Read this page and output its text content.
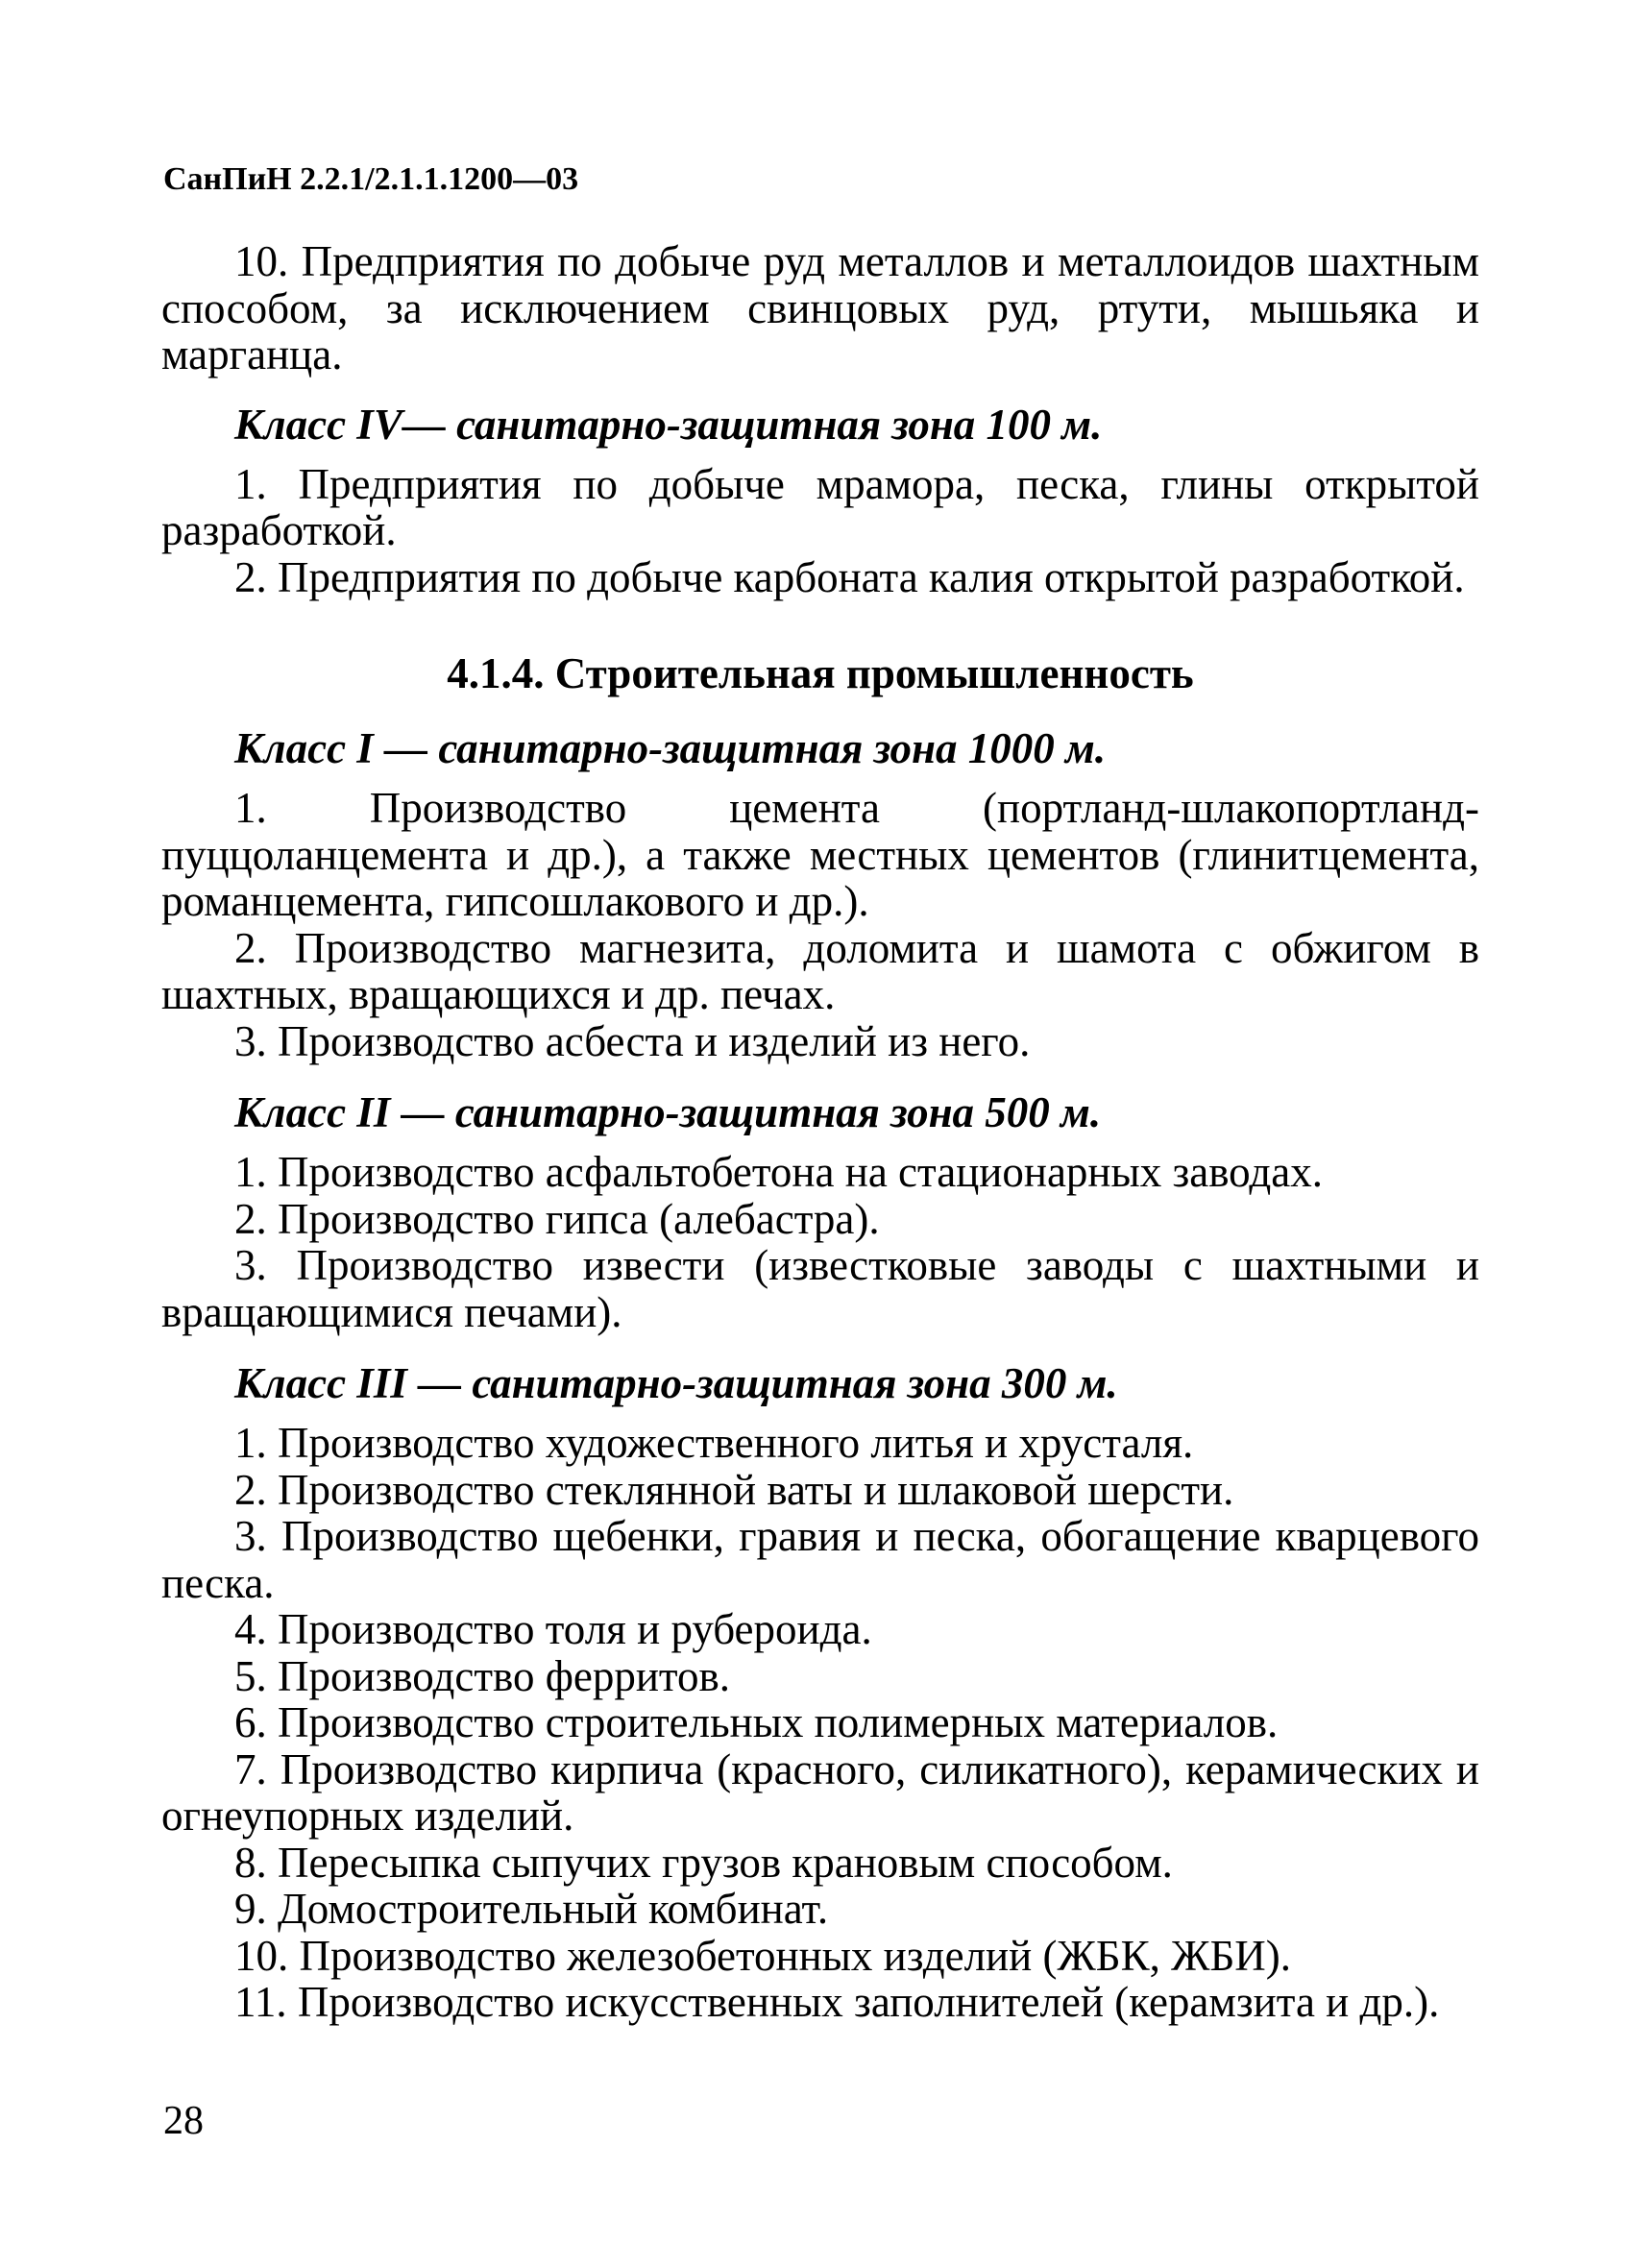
СанПиН 2.2.1/2.1.1.1200—03

10. Предприятия по добыче руд металлов и металлоидов шахтным способом, за исключением свинцовых руд, ртути, мышьяка и марганца.

Класс IV— санитарно-защитная зона 100 м.

1. Предприятия по добыче мрамора, песка, глины открытой разработкой.

2. Предприятия по добыче карбоната калия открытой разработкой.

4.1.4. Строительная промышленность
Класс I — санитарно-защитная зона 1000 м.

1. Производство цемента (портланд-шлакопортланд-пуццоланцемента и др.), а также местных цементов (глинитцемента, романцемента, гипсошлакового и др.).

2. Производство магнезита, доломита и шамота с обжигом в шахтных, вращающихся и др. печах.

3. Производство асбеста и изделий из него.

Класс II — санитарно-защитная зона 500 м.

1. Производство асфальтобетона на стационарных заводах.

2. Производство гипса (алебастра).

3. Производство извести (известковые заводы с шахтными и вращающимися печами).

Класс III — санитарно-защитная зона 300 м.

1. Производство художественного литья и хрусталя.

2. Производство стеклянной ваты и шлаковой шерсти.

3. Производство щебенки, гравия и песка, обогащение кварцевого песка.

4. Производство толя и рубероида.

5. Производство ферритов.

6. Производство строительных полимерных материалов.

7. Производство кирпича (красного, силикатного), керамических и огнеупорных изделий.

8. Пересыпка сыпучих грузов крановым способом.

9. Домостроительный комбинат.

10. Производство железобетонных изделий (ЖБК, ЖБИ).

11. Производство искусственных заполнителей (керамзита и др.).

28
